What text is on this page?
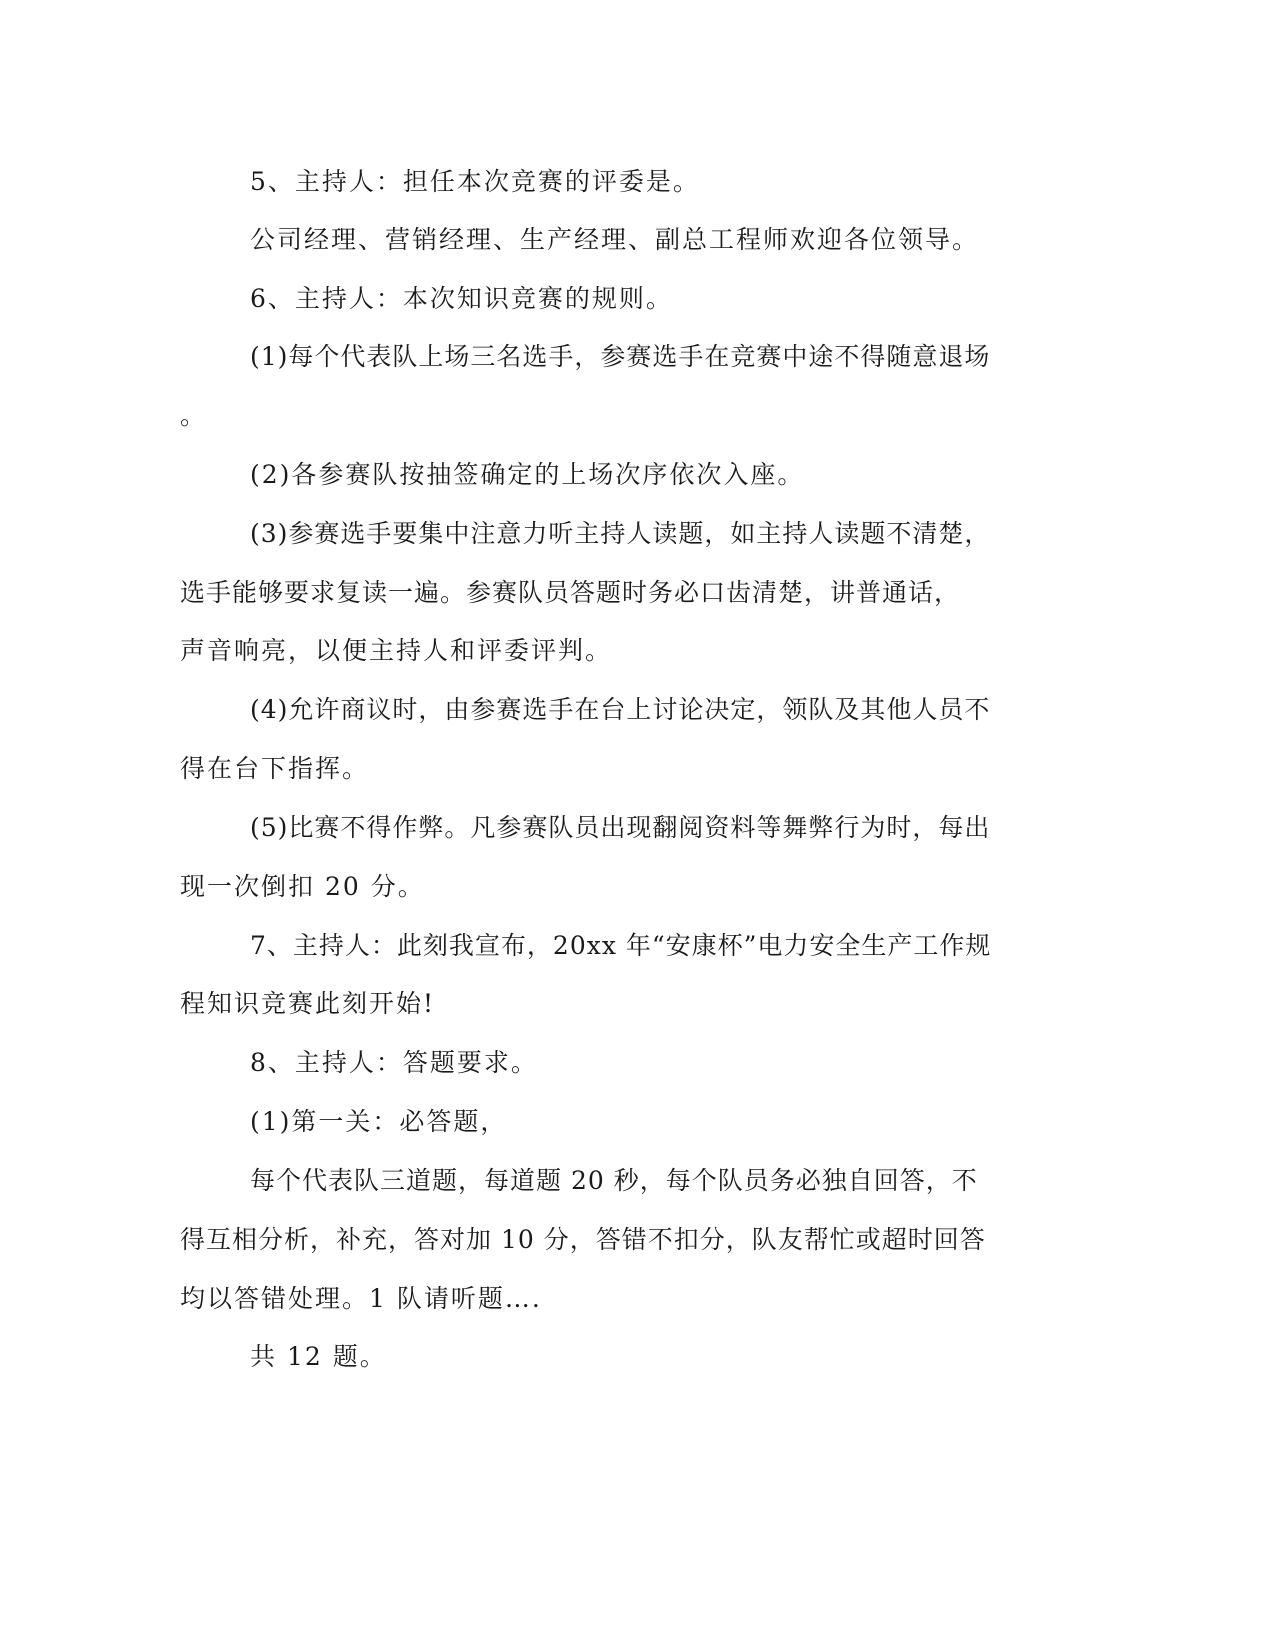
5、主持人：担任本次竞赛的评委是。
公司经理、营销经理、生产经理、副总工程师欢迎各位领导。
6、主持人：本次知识竞赛的规则。
(1)每个代表队上场三名选手，参赛选手在竞赛中途不得随意退场
。
(2)各参赛队按抽签确定的上场次序依次入座。
(3)参赛选手要集中注意力听主持人读题，如主持人读题不清楚，
选手能够要求复读一遍。参赛队员答题时务必口齿清楚，讲普通话，
声音响亮，以便主持人和评委评判。
(4)允许商议时，由参赛选手在台上讨论决定，领队及其他人员不
得在台下指挥。
(5)比赛不得作弊。凡参赛队员出现翻阅资料等舞弊行为时，每出
现一次倒扣 20 分。
7、主持人：此刻我宣布，20xx 年“安康杯”电力安全生产工作规
程知识竞赛此刻开始!
8、主持人：答题要求。
(1)第一关：必答题，
每个代表队三道题，每道题 20 秒，每个队员务必独自回答，不
得互相分析，补充，答对加 10 分，答错不扣分，队友帮忙或超时回答
均以答错处理。1 队请听题….
共 12 题。
